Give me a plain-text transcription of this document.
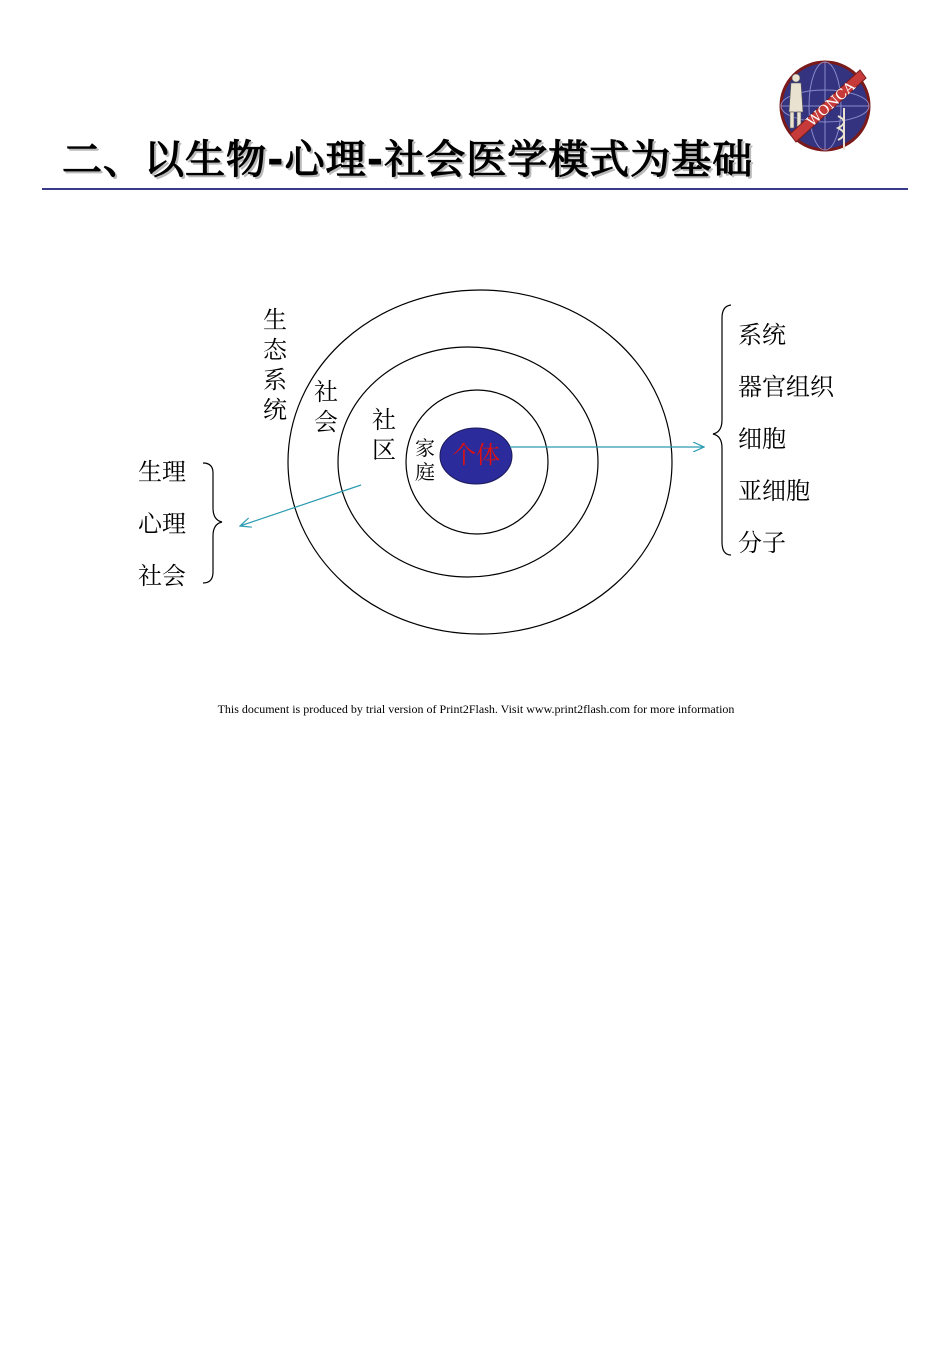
二、以生物-心理-社会医学模式为基础
WONCA
生态系统
社会 社区 家庭
个体
生理
心理
社会
系统
器官组织
细胞
亚细胞
分子
This document is produced by trial version of Print2Flash. Visit www.print2flash.com for more information
